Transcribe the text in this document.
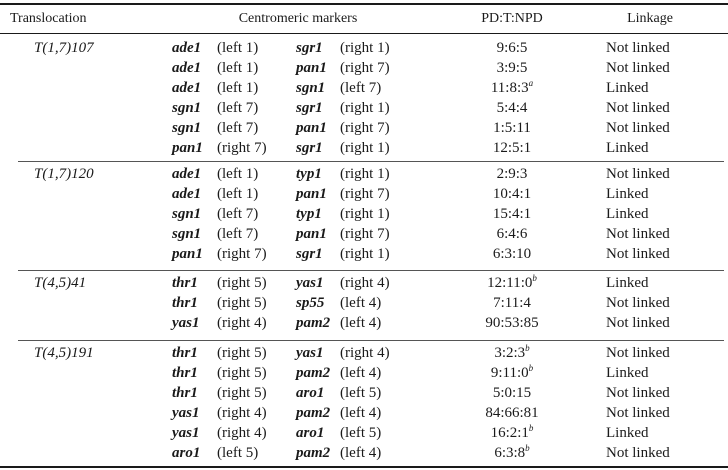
Translocation	Centromeric markers	PD:T:NPD	Linkage
T(1,7)107	ade1 (left 1)	sgr1 (right 1)	9:6:5	Not linked
ade1 (left 1)	pan1 (right 7)	3:9:5	Not linked
ade1 (left 1)	sgn1 (left 7)	11:8:3$^a$	Linked
sgn1 (left 7)	sgr1 (right 1)	5:4:4	Not linked
sgn1 (left 7)	pan1 (right 7)	1:5:11	Not linked
pan1 (right 7) sgr1 (right 1)	12:5:1	Linked
T(1,7)120	ade1 (left 1)	typ1 (right 1)	2:9:3	Not linked
ade1 (left 1)	pan1 (right 7)	10:4:1	Linked
sgn1 (left 7)	typ1 (right 1)	15:4:1	Linked
sgn1 (left 7)	pan1 (right 7)	6:4:6	Not linked
pan1 (right 7) sgr1 (right 1)	6:3:10	Not linked
T(4,5)41	thr1 (right 5) yas1 (right 4)	12:11:0$^b$	Linked
thr1 (right 5) sp55 (left 4)	7:11:4	Not linked
yas1 (right 4) pam2 (left 4)	90:53:85	Not linked
T(4,5)191	thr1 (right 5) yas1 (right 4)	3:2:3$^b$	Not linked
thr1 (right 5) pam2 (left 4)	9:11:0$^b$	Linked
thr1 (right 5) aro1 (left 5)	5:0:15	Not linked
yas1 (right 4) pam2 (left 4)	84:66:81	Not linked
yas1 (right 4) aro1 (left 5)	16:2:1$^b$	Linked
aro1 (left 5)	pam2 (left 4)	6:3:8$^b$	Not linked
